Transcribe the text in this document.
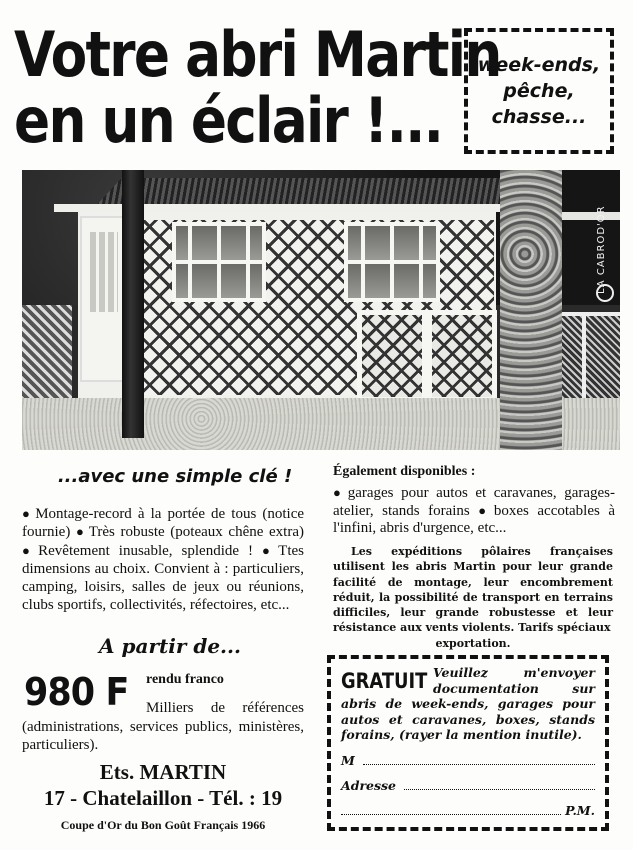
Votre abri Martin
en un éclair !...
week-ends,
pêche,
chasse...
LA CABROD'OR
...avec une simple clé !
● Montage-record à la portée de tous (notice fournie) ● Très robuste (poteaux chêne extra) ● Revêtement inusable, splendide ! ● Ttes dimensions au choix. Convient à : particuliers, camping, loisirs, salles de jeux ou réunions, clubs sportifs, collectivités, réfectoires, etc...
A partir de...
980 F rendu franco
Milliers de références
(administrations, services publics, ministères, particuliers).
Ets. MARTIN
17 - Chatelaillon - Tél. : 19
Coupe d'Or du Bon Goût Français 1966
Également disponibles :
● garages pour autos et caravanes, garages-atelier, stands forains ● boxes accotables à l'infini, abris d'urgence, etc...
Les expéditions pôlaires françaises utilisent les abris Martin pour leur grande facilité de montage, leur encombrement réduit, la possibilité de transport en terrains difficiles, leur grande robustesse et leur résistance aux vents violents. Tarifs spéciaux
exportation.
GRATUIT Veuillez m'envoyer documentation sur abris de week-ends, garages pour autos et caravanes, boxes, stands forains, (rayer la mention inutile).
M
Adresse
P.M.
